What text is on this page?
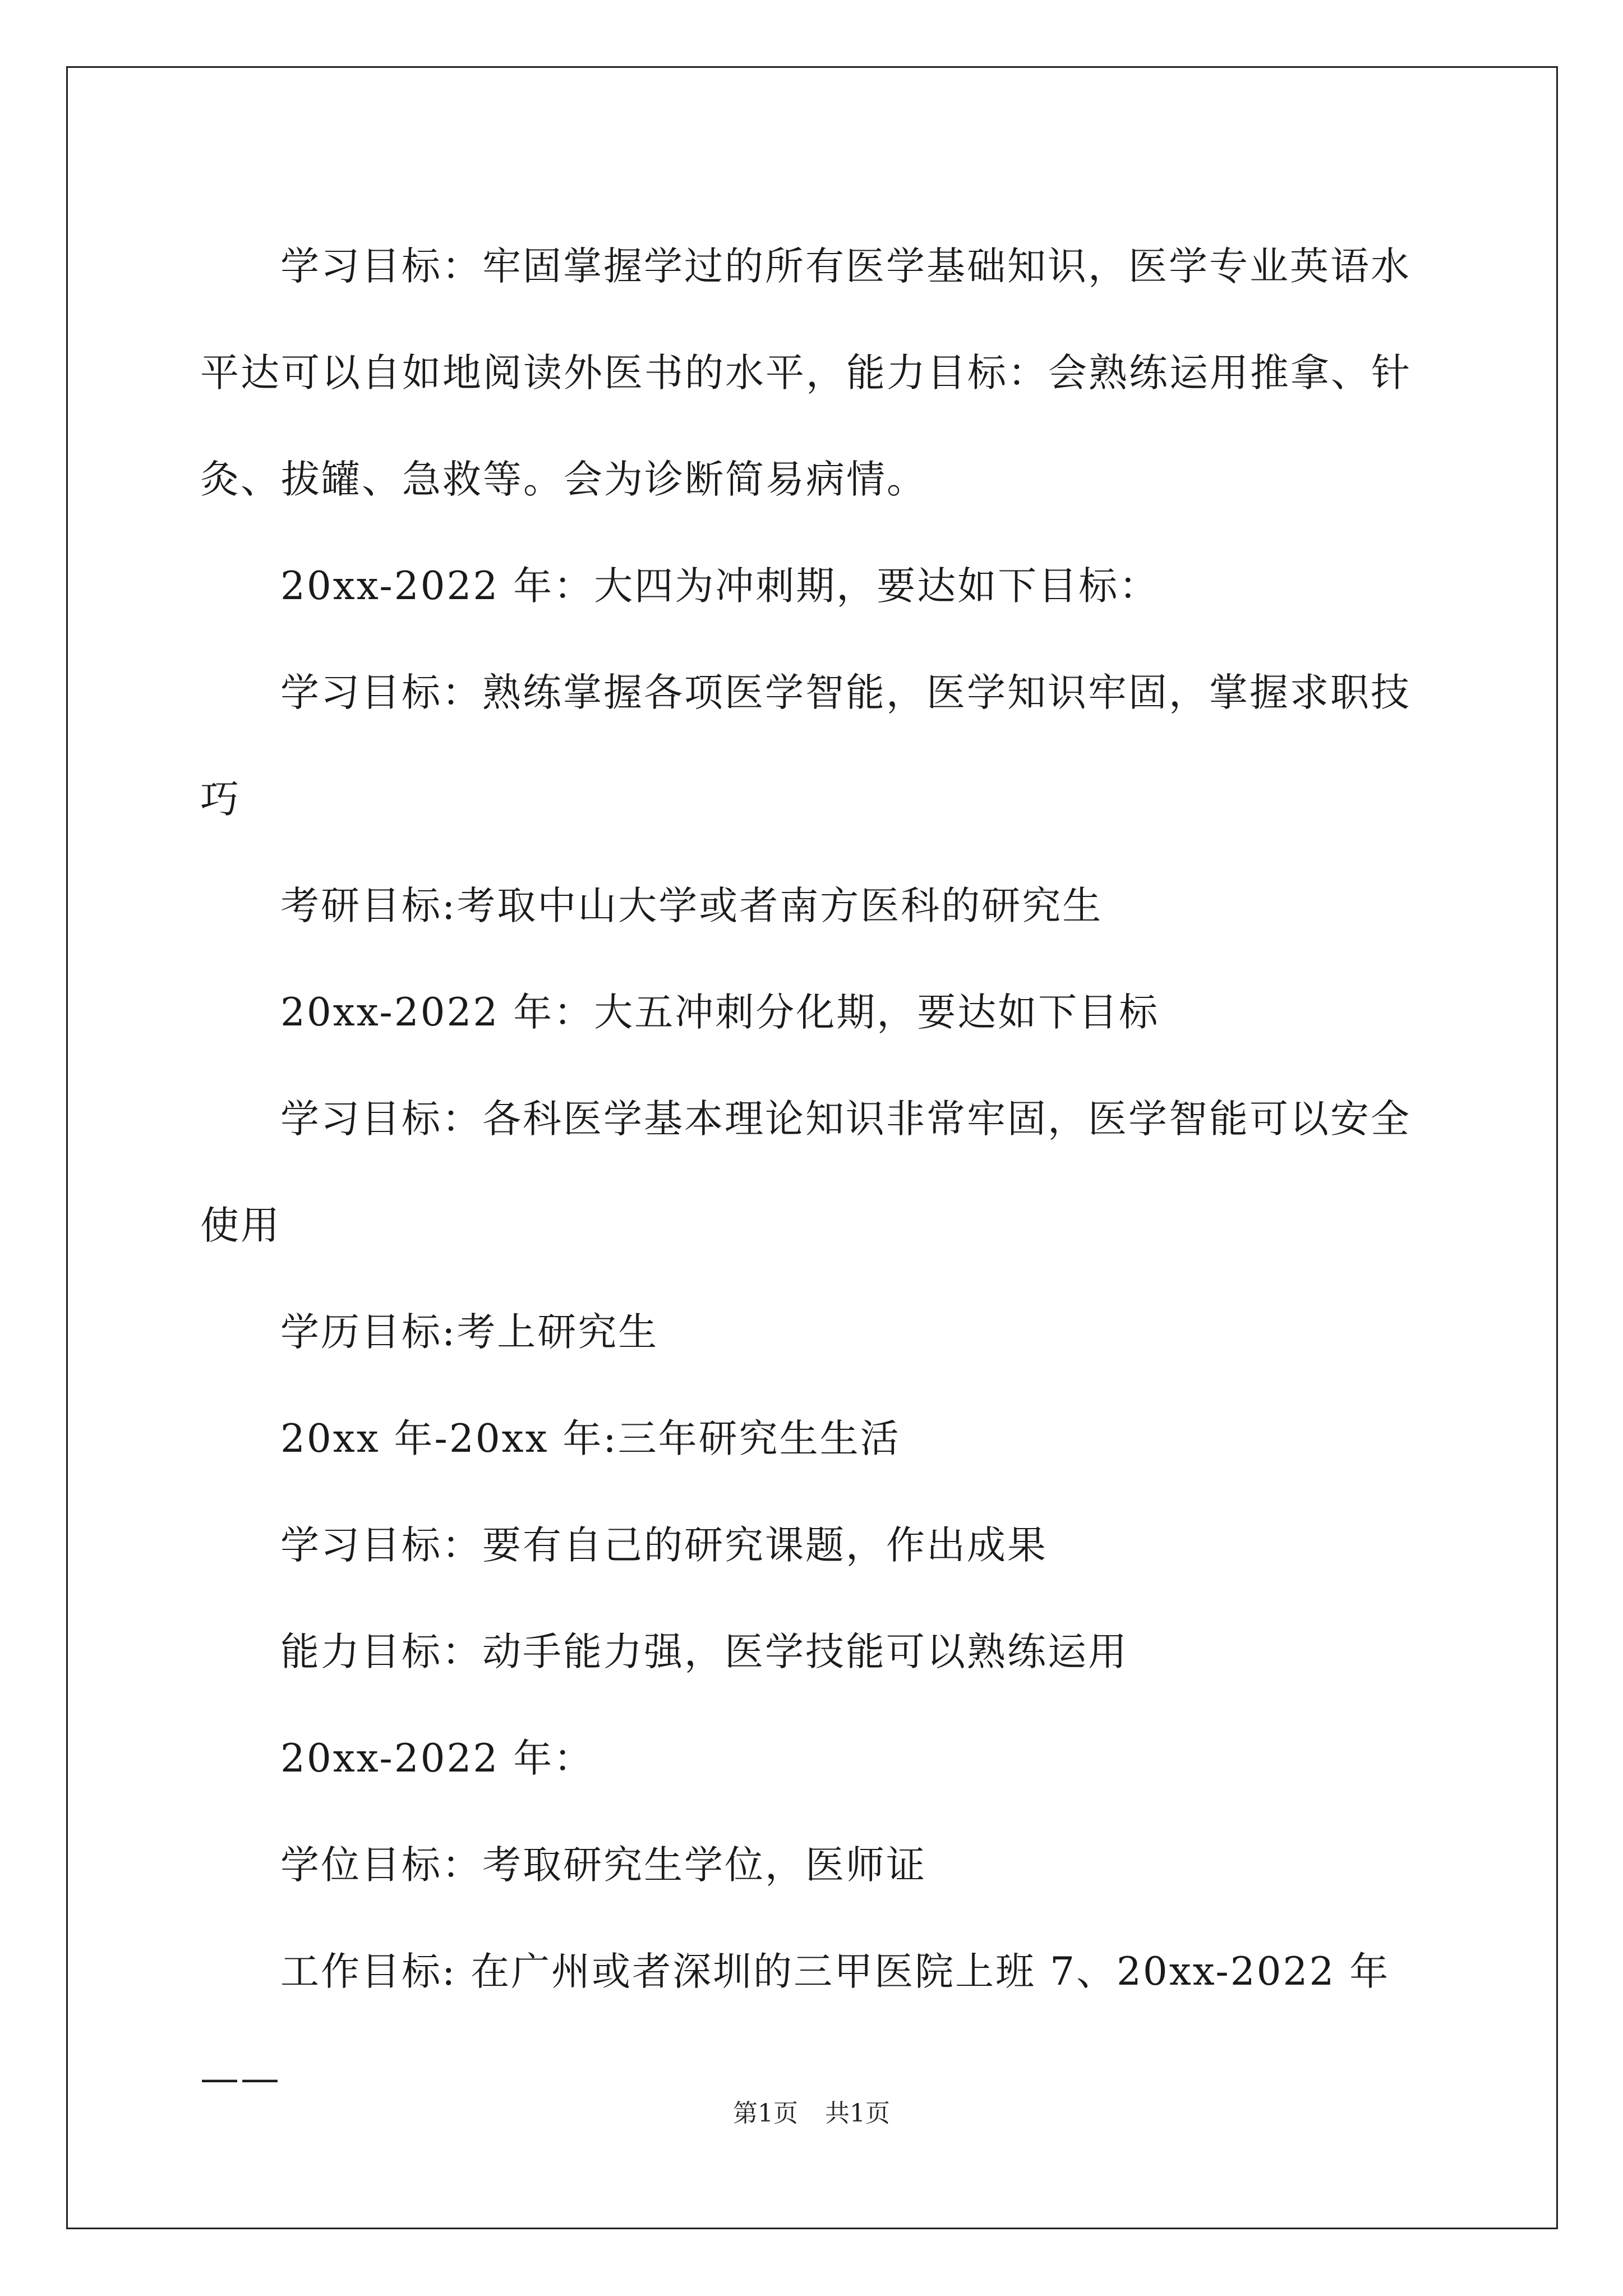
学习目标：牢固掌握学过的所有医学基础知识，医学专业英语水平达可以自如地阅读外医书的水平，能力目标：会熟练运用推拿、针灸、拔罐、急救等。会为诊断简易病情。

20xx-2022 年：大四为冲刺期，要达如下目标：

学习目标：熟练掌握各项医学智能，医学知识牢固，掌握求职技巧

考研目标:考取中山大学或者南方医科的研究生

20xx-2022 年：大五冲刺分化期，要达如下目标

学习目标：各科医学基本理论知识非常牢固，医学智能可以安全使用

学历目标:考上研究生

20xx 年-20xx 年:三年研究生生活

学习目标：要有自己的研究课题，作出成果

能力目标：动手能力强，医学技能可以熟练运用

20xx-2022 年：

学位目标：考取研究生学位，医师证

工作目标: 在广州或者深圳的三甲医院上班 7、20xx-2022 年——

第1页 共1页
